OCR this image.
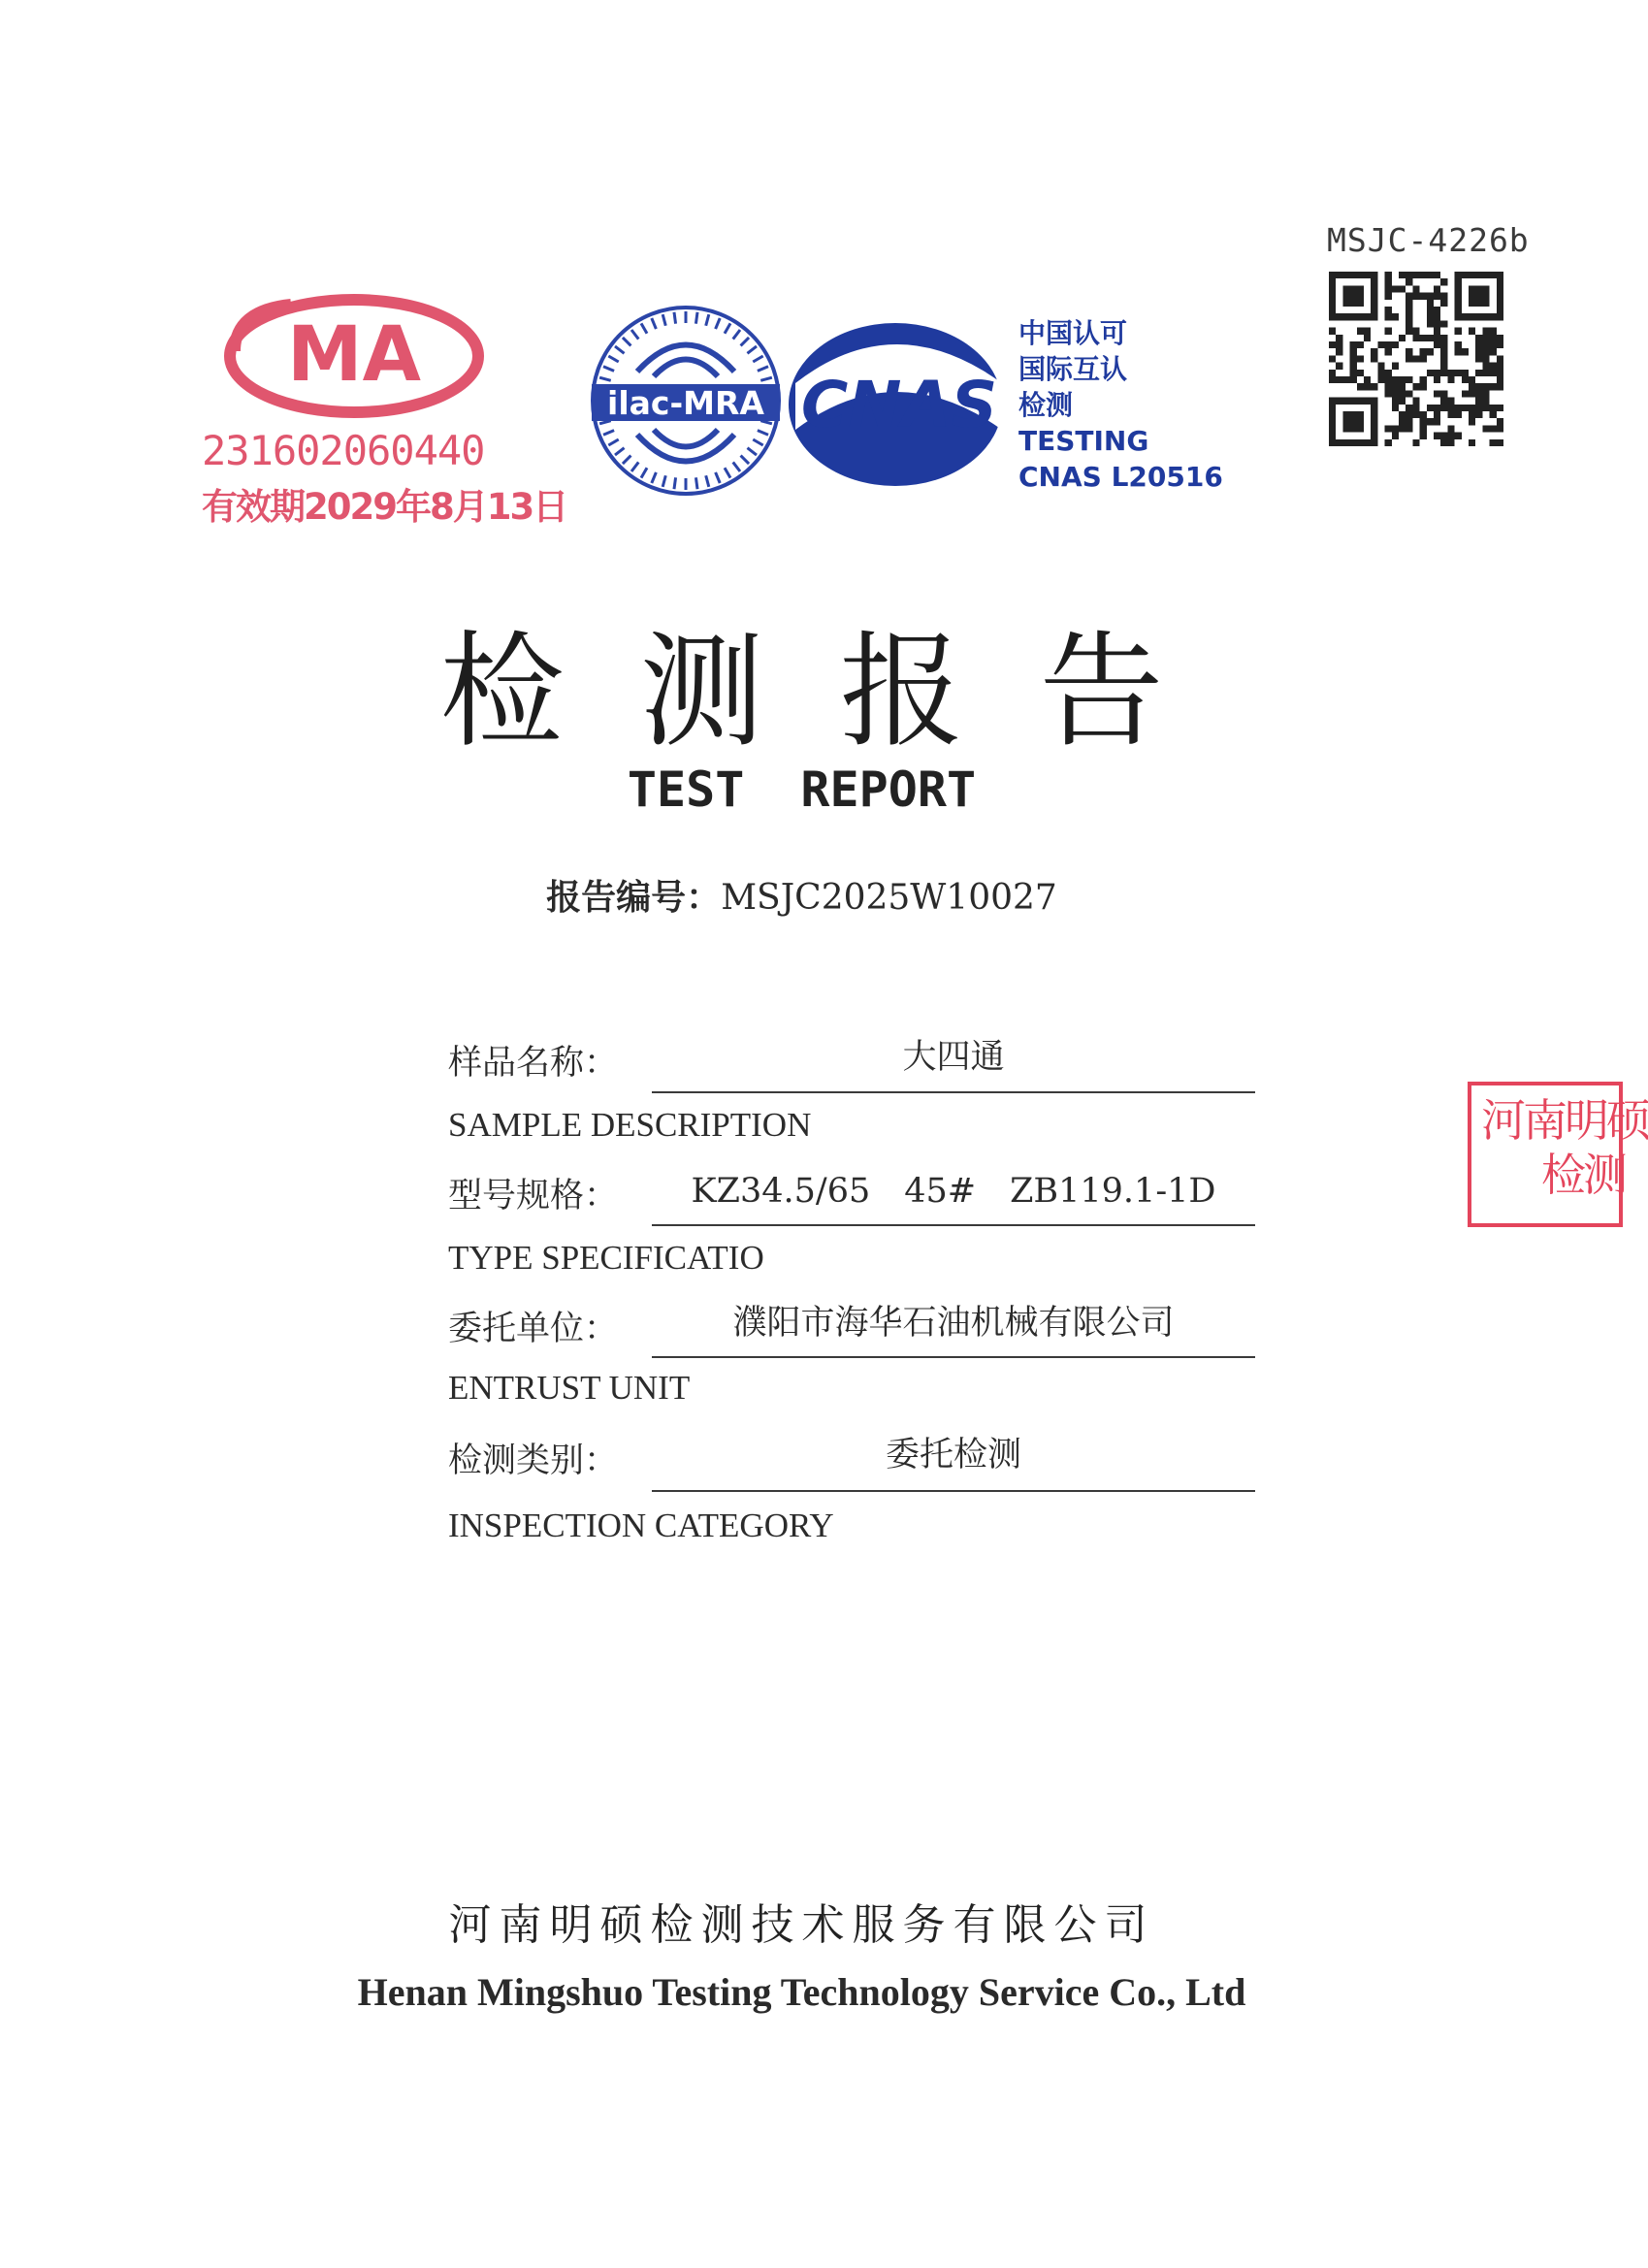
MSJC-4226b
MA
231602060440
有效期2029年8月13日
ilac-MRA CNAS
中国认可
国际互认
检测
TESTING
CNAS L20516
检测报告
TEST REPORT
报告编号：MSJC2025W10027
样品名称：	大四通
SAMPLE DESCRIPTION
型号规格：	KZ34.5/65　45#　ZB119.1-1D
TYPE SPECIFICATIO
委托单位：	濮阳市海华石油机械有限公司
ENTRUST UNIT
检测类别：	委托检测
INSPECTION CATEGORY
河南明硕
检测
河南明硕检测技术服务有限公司
Henan Mingshuo Testing Technology Service Co., Ltd
